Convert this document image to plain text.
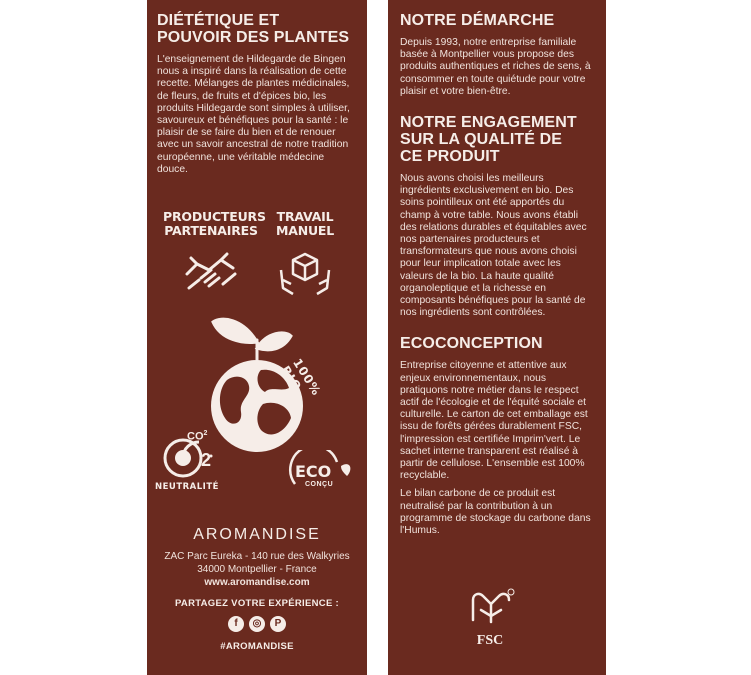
DIÉTÉTIQUE ET POUVOIR DES PLANTES

L'enseignement de Hildegarde de Bingen nous a inspiré dans la réalisation de cette recette. Mélanges de plantes médicinales, de fleurs, de fruits et d'épices bio, les produits Hildegarde sont simples à utiliser, savoureux et bénéfiques pour la santé : le plaisir de se faire du bien et de renouer avec un savoir ancestral de notre tradition européenne, une véritable médecine douce.

PRODUCTEURS PARTENAIRES
TRAVAIL MANUEL
100% BIO
$CO^2$
2
NEUTRALITÉ
ECO
CONÇU
AROMANDISE
ZAC Parc Eureka - 140 rue des Walkyries
34000 Montpellier - France
www.aromandise.com
PARTAGEZ VOTRE EXPÉRIENCE :
f	◎	P
#AROMANDISE
NOTRE DÉMARCHE

Depuis 1993, notre entreprise familiale basée à Montpellier vous propose des produits authentiques et riches de sens, à consommer en toute quiétude pour votre plaisir et votre bien-être.

NOTRE ENGAGEMENT SUR LA QUALITÉ DE CE PRODUIT

Nous avons choisi les meilleurs ingrédients exclusivement en bio. Des soins pointilleux ont été apportés du champ à votre table. Nous avons établi des relations durables et équitables avec nos partenaires producteurs et transformateurs que nous avons choisi pour leur implication totale avec les valeurs de la bio. La haute qualité organoleptique et la richesse en composants bénéfiques pour la santé de nos ingrédients sont contrôlées.

ECOCONCEPTION

Entreprise citoyenne et attentive aux enjeux environnementaux, nous pratiquons notre métier dans le respect actif de l'écologie et de l'équité sociale et culturelle. Le carton de cet emballage est issu de forêts gérées durablement FSC, l'impression est certifiée Imprim'vert. Le sachet interne transparent est réalisé à partir de cellulose. L'ensemble est 100% recyclable.

Le bilan carbone de ce produit est neutralisé par la contribution à un programme de stockage du carbone dans l'Humus.

FSC
